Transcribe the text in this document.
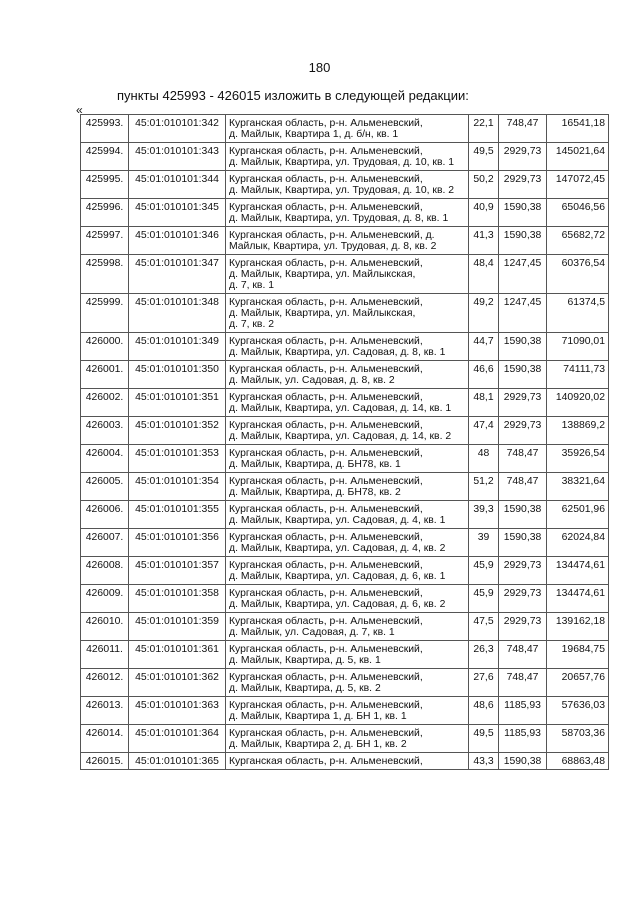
180
пункты 425993 - 426015 изложить в следующей редакции:
«
425993.	45:01:010101:342	Курганская область, р-н. Альменевский,
д. Майлык, Квартира 1, д. б/н, кв. 1	22,1	748,47	16541,18
425994.	45:01:010101:343	Курганская область, р-н. Альменевский,
д. Майлык, Квартира, ул. Трудовая, д. 10, кв. 1	49,5	2929,73	145021,64
425995.	45:01:010101:344	Курганская область, р-н. Альменевский,
д. Майлык, Квартира, ул. Трудовая, д. 10, кв. 2	50,2	2929,73	147072,45
425996.	45:01:010101:345	Курганская область, р-н. Альменевский,
д. Майлык, Квартира, ул. Трудовая, д. 8, кв. 1	40,9	1590,38	65046,56
425997.	45:01:010101:346	Курганская область, р-н. Альменевский, д.
Майлык, Квартира, ул. Трудовая, д. 8, кв. 2	41,3	1590,38	65682,72
425998.	45:01:010101:347	Курганская область, р-н. Альменевский,
д. Майлык, Квартира, ул. Майлыкская,
д. 7, кв. 1	48,4	1247,45	60376,54
425999.	45:01:010101:348	Курганская область, р-н. Альменевский,
д. Майлык, Квартира, ул. Майлыкская,
д. 7, кв. 2	49,2	1247,45	61374,5
426000.	45:01:010101:349	Курганская область, р-н. Альменевский,
д. Майлык, Квартира, ул. Садовая, д. 8, кв. 1	44,7	1590,38	71090,01
426001.	45:01:010101:350	Курганская область, р-н. Альменевский,
д. Майлык, ул. Садовая, д. 8, кв. 2	46,6	1590,38	74111,73
426002.	45:01:010101:351	Курганская область, р-н. Альменевский,
д. Майлык, Квартира, ул. Садовая, д. 14, кв. 1	48,1	2929,73	140920,02
426003.	45:01:010101:352	Курганская область, р-н. Альменевский,
д. Майлык, Квартира, ул. Садовая, д. 14, кв. 2	47,4	2929,73	138869,2
426004.	45:01:010101:353	Курганская область, р-н. Альменевский,
д. Майлык, Квартира, д. БН78, кв. 1	48	748,47	35926,54
426005.	45:01:010101:354	Курганская область, р-н. Альменевский,
д. Майлык, Квартира, д. БН78, кв. 2	51,2	748,47	38321,64
426006.	45:01:010101:355	Курганская область, р-н. Альменевский,
д. Майлык, Квартира, ул. Садовая, д. 4, кв. 1	39,3	1590,38	62501,96
426007.	45:01:010101:356	Курганская область, р-н. Альменевский,
д. Майлык, Квартира, ул. Садовая, д. 4, кв. 2	39	1590,38	62024,84
426008.	45:01:010101:357	Курганская область, р-н. Альменевский,
д. Майлык, Квартира, ул. Садовая, д. 6, кв. 1	45,9	2929,73	134474,61
426009.	45:01:010101:358	Курганская область, р-н. Альменевский,
д. Майлык, Квартира, ул. Садовая, д. 6, кв. 2	45,9	2929,73	134474,61
426010.	45:01:010101:359	Курганская область, р-н. Альменевский,
д. Майлык, ул. Садовая, д. 7, кв. 1	47,5	2929,73	139162,18
426011.	45:01:010101:361	Курганская область, р-н. Альменевский,
д. Майлык, Квартира, д. 5, кв. 1	26,3	748,47	19684,75
426012.	45:01:010101:362	Курганская область, р-н. Альменевский,
д. Майлык, Квартира, д. 5, кв. 2	27,6	748,47	20657,76
426013.	45:01:010101:363	Курганская область, р-н. Альменевский,
д. Майлык, Квартира 1, д. БН 1, кв. 1	48,6	1185,93	57636,03
426014.	45:01:010101:364	Курганская область, р-н. Альменевский,
д. Майлык, Квартира 2, д. БН 1, кв. 2	49,5	1185,93	58703,36
426015.	45:01:010101:365	Курганская область, р-н. Альменевский,	43,3	1590,38	68863,48
